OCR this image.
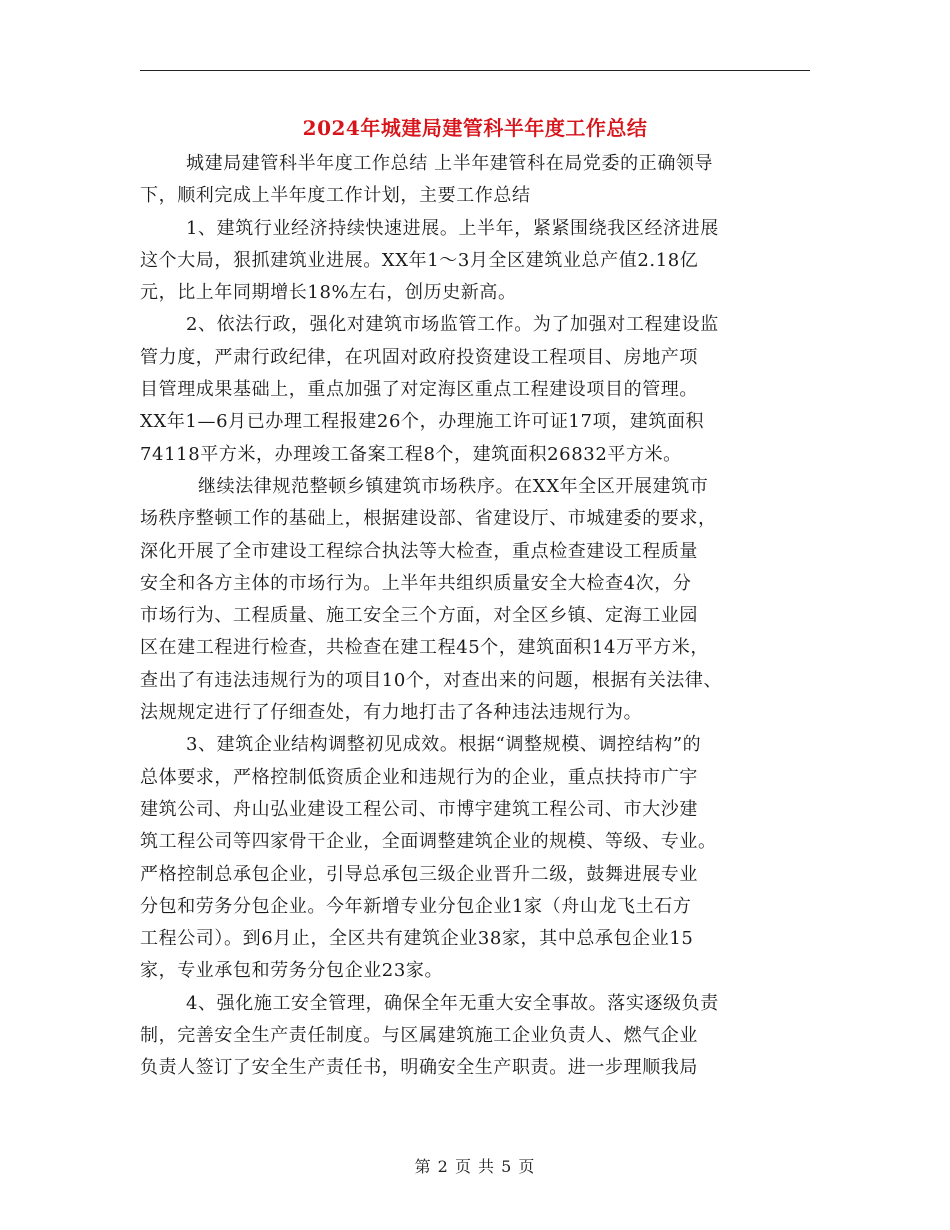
2024年城建局建管科半年度工作总结
城建局建管科半年度工作总结 上半年建管科在局党委的正确领导
下，顺利完成上半年度工作计划，主要工作总结
1、建筑行业经济持续快速进展。上半年，紧紧围绕我区经济进展
这个大局，狠抓建筑业进展。XX年1～3月全区建筑业总产值2.18亿
元，比上年同期增长18%左右，创历史新高。
2、依法行政，强化对建筑市场监管工作。为了加强对工程建设监
管力度，严肃行政纪律，在巩固对政府投资建设工程项目、房地产项
目管理成果基础上，重点加强了对定海区重点工程建设项目的管理。
XX年1—6月已办理工程报建26个，办理施工许可证17项，建筑面积
74118平方米，办理竣工备案工程8个，建筑面积26832平方米。
继续法律规范整顿乡镇建筑市场秩序。在XX年全区开展建筑市
场秩序整顿工作的基础上，根据建设部、省建设厅、市城建委的要求，
深化开展了全市建设工程综合执法等大检查，重点检查建设工程质量
安全和各方主体的市场行为。上半年共组织质量安全大检查4次，分
市场行为、工程质量、施工安全三个方面，对全区乡镇、定海工业园
区在建工程进行检查，共检查在建工程45个，建筑面积14万平方米，
查出了有违法违规行为的项目10个，对查出来的问题，根据有关法律、
法规规定进行了仔细查处，有力地打击了各种违法违规行为。
3、建筑企业结构调整初见成效。根据“调整规模、调控结构”的
总体要求，严格控制低资质企业和违规行为的企业，重点扶持市广宇
建筑公司、舟山弘业建设工程公司、市博宇建筑工程公司、市大沙建
筑工程公司等四家骨干企业，全面调整建筑企业的规模、等级、专业。
严格控制总承包企业，引导总承包三级企业晋升二级，鼓舞进展专业
分包和劳务分包企业。今年新增专业分包企业1家（舟山龙飞土石方
工程公司）。到6月止，全区共有建筑企业38家，其中总承包企业15
家，专业承包和劳务分包企业23家。
4、强化施工安全管理，确保全年无重大安全事故。落实逐级负责
制，完善安全生产责任制度。与区属建筑施工企业负责人、燃气企业
负责人签订了安全生产责任书，明确安全生产职责。进一步理顺我局
第 2 页 共 5 页
